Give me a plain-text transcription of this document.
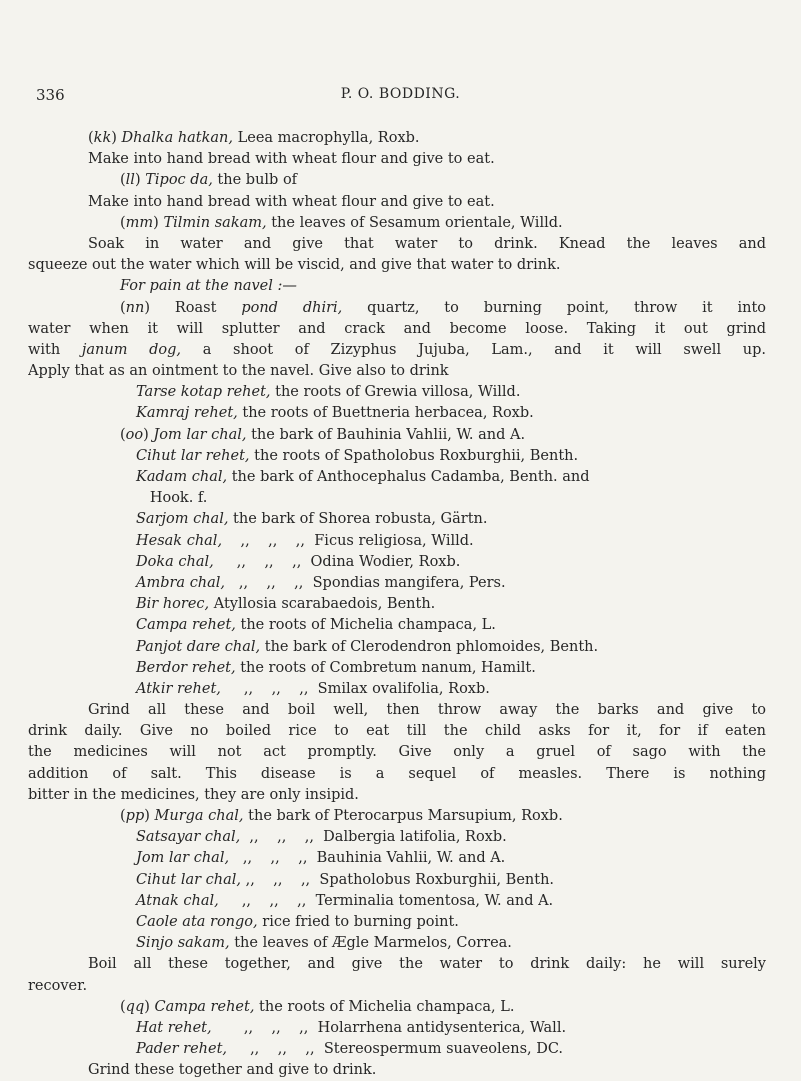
336	P. O. BODDING.
(kk) Dhalka hatkan, Leea macrophylla, Roxb.
Make into hand bread with wheat flour and give to eat.
(ll) Tipoc da, the bulb of
Make into hand bread with wheat flour and give to eat.
(mm) Tilmin sakam, the leaves of Sesamum orientale, Willd.
Soak in water and give that water to drink. Knead the leaves and
squeeze out the water which will be viscid, and give that water to drink.
For pain at the navel :—
(nn) Roast pond dhiri, quartz, to burning point, throw it into
water when it will splutter and crack and become loose. Taking it out grind
with janum dog, a shoot of Zizyphus Jujuba, Lam., and it will swell up.
Apply that as an ointment to the navel. Give also to drink
Tarse kotap rehet, the roots of Grewia villosa, Willd.
Kamraj rehet, the roots of Buettneria herbacea, Roxb.
(oo) Jom lar chal, the bark of Bauhinia Vahlii, W. and A.
Cihut lar rehet, the roots of Spatholobus Roxburghii, Benth.
Kadam chal, the bark of Anthocephalus Cadamba, Benth. and
Hook. f.
Sarjom chal, the bark of Shorea robusta, Gärtn.
Hesak chal,    ,,    ,,    ,,  Ficus religiosa, Willd.
Doka chal,     ,,    ,,    ,,  Odina Wodier, Roxb.
Ambra chal,   ,,    ,,    ,,  Spondias mangifera, Pers.
Bir horec, Atyllosia scarabaedois, Benth.
Campa rehet, the roots of Michelia champaca, L.
Panjot dare chal, the bark of Clerodendron phlomoides, Benth.
Berdor rehet, the roots of Combretum nanum, Hamilt.
Atkir rehet,     ,,    ,,    ,,  Smilax ovalifolia, Roxb.
Grind all these and boil well, then throw away the barks and give to
drink daily. Give no boiled rice to eat till the child asks for it, for if eaten
the medicines will not act promptly. Give only a gruel of sago with the
addition of salt. This disease is a sequel of measles. There is nothing
bitter in the medicines, they are only insipid.
(pp) Murga chal, the bark of Pterocarpus Marsupium, Roxb.
Satsayar chal,  ,,    ,,    ,,  Dalbergia latifolia, Roxb.
Jom lar chal,   ,,    ,,    ,,  Bauhinia Vahlii, W. and A.
Cihut lar chal, ,,    ,,    ,,  Spatholobus Roxburghii, Benth.
Atnak chal,     ,,    ,,    ,,  Terminalia tomentosa, W. and A.
Caole ata rongo, rice fried to burning point.
Sinjo sakam, the leaves of Ægle Marmelos, Correa.
Boil all these together, and give the water to drink daily: he will surely
recover.
(qq) Campa rehet, the roots of Michelia champaca, L.
Hat rehet,       ,,    ,,    ,,  Holarrhena antidysenterica, Wall.
Pader rehet,     ,,    ,,    ,,  Stereospermum suaveolens, DC.
Grind these together and give to drink.
